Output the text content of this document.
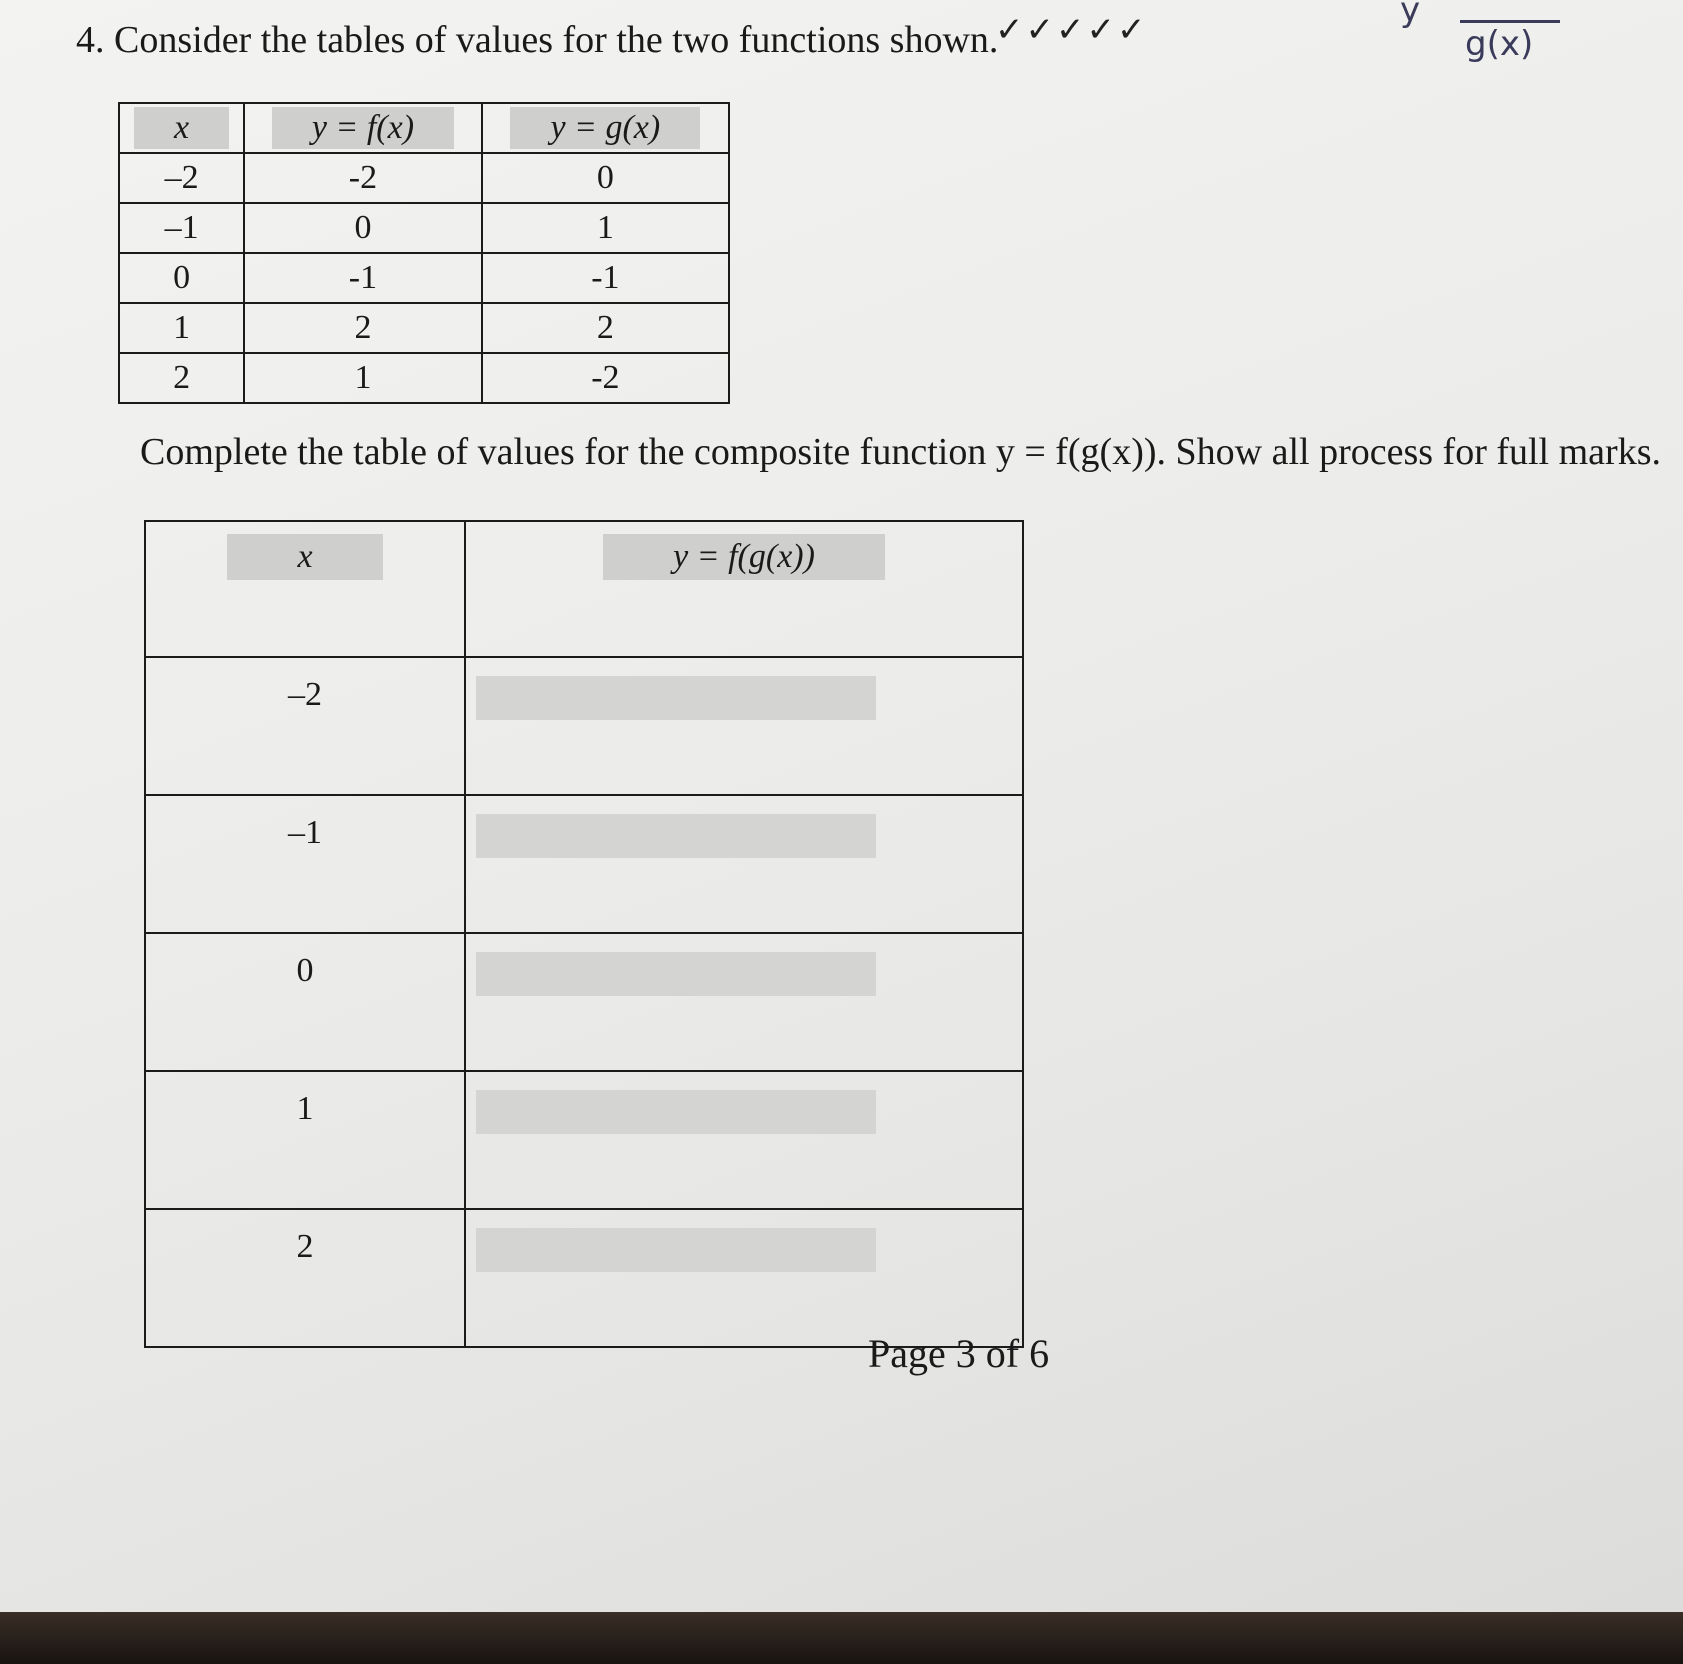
4. Consider the tables of values for the two functions shown.
✓✓✓✓✓	y
g(x)
x	y = f(x)	y = g(x)
–2	-2	0
–1	0	1
0	-1	-1
1	2	2
2	1	-2
Complete the table of values for the composite function y = f(g(x)). Show all process for full marks.
x	y = f(g(x))
–2	

–1	

0	

1	

2	
Page 3 of 6
